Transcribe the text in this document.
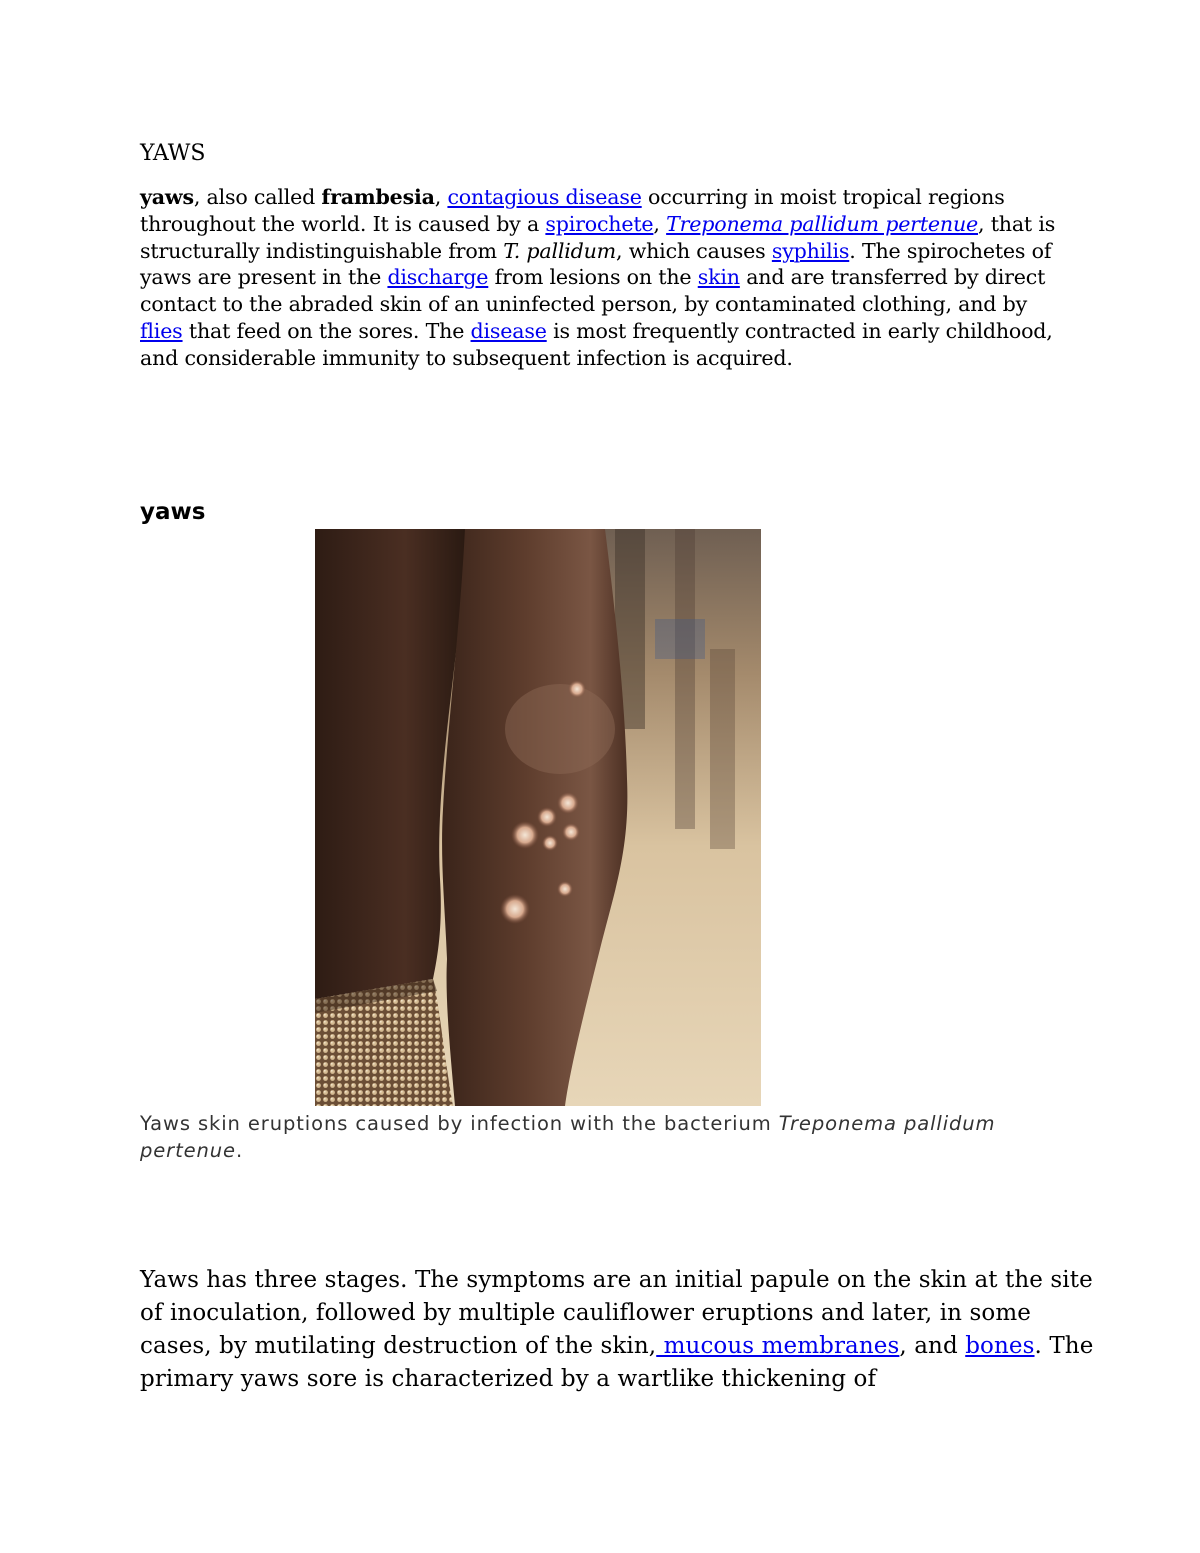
YAWS

yaws, also called frambesia, contagious disease occurring in moist tropical regions throughout the world. It is caused by a spirochete, Treponema pallidum pertenue, that is structurally indistinguishable from T. pallidum, which causes syphilis. The spirochetes of yaws are present in the discharge from lesions on the skin and are transferred by direct contact to the abraded skin of an uninfected person, by contaminated clothing, and by flies that feed on the sores. The disease is most frequently contracted in early childhood, and considerable immunity to subsequent infection is acquired.

yaws

Yaws skin eruptions caused by infection with the bacterium Treponema pallidum pertenue.

Yaws has three stages. The symptoms are an initial papule on the skin at the site of inoculation, followed by multiple cauliflower eruptions and later, in some cases, by mutilating destruction of the skin, mucous membranes, and bones. The primary yaws sore is characterized by a wartlike thickening of
